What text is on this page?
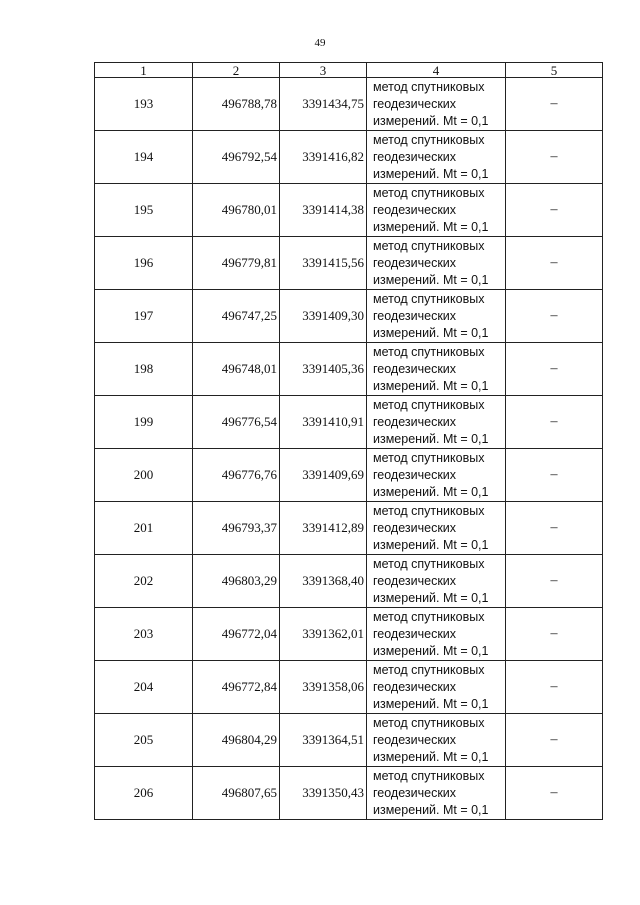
49
1	2	3	4	5
193	496788,78	3391434,75	метод спутниковых
геодезических
измерений. Mt = 0,1	–
194	496792,54	3391416,82	метод спутниковых
геодезических
измерений. Mt = 0,1	–
195	496780,01	3391414,38	метод спутниковых
геодезических
измерений. Mt = 0,1	–
196	496779,81	3391415,56	метод спутниковых
геодезических
измерений. Mt = 0,1	–
197	496747,25	3391409,30	метод спутниковых
геодезических
измерений. Mt = 0,1	–
198	496748,01	3391405,36	метод спутниковых
геодезических
измерений. Mt = 0,1	–
199	496776,54	3391410,91	метод спутниковых
геодезических
измерений. Mt = 0,1	–
200	496776,76	3391409,69	метод спутниковых
геодезических
измерений. Mt = 0,1	–
201	496793,37	3391412,89	метод спутниковых
геодезических
измерений. Mt = 0,1	–
202	496803,29	3391368,40	метод спутниковых
геодезических
измерений. Mt = 0,1	–
203	496772,04	3391362,01	метод спутниковых
геодезических
измерений. Mt = 0,1	–
204	496772,84	3391358,06	метод спутниковых
геодезических
измерений. Mt = 0,1	–
205	496804,29	3391364,51	метод спутниковых
геодезических
измерений. Mt = 0,1	–
206	496807,65	3391350,43	метод спутниковых
геодезических
измерений. Mt = 0,1	–
